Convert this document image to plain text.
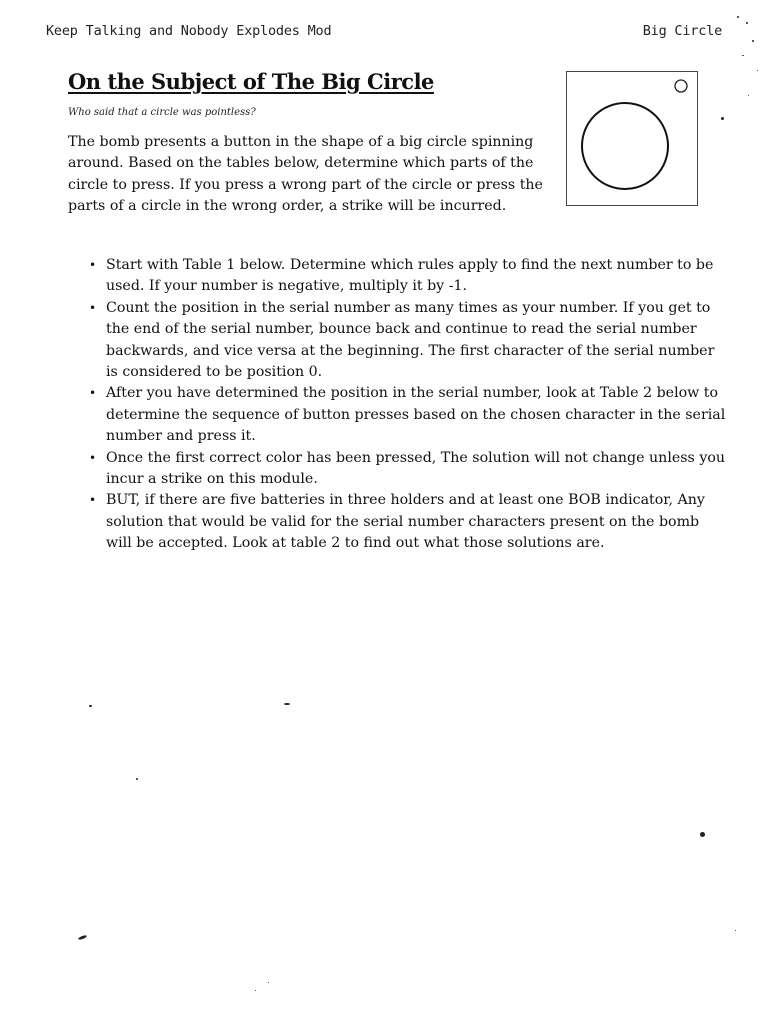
Keep Talking and Nobody Explodes Mod	Big Circle
On the Subject of The Big Circle
Who said that a circle was pointless?

The bomb presents a button in the shape of a big circle spinning around. Based on the tables below, determine which parts of the circle to press. If you press a wrong part of the circle or press the parts of a circle in the wrong order, a strike will be incurred.

• Start with Table 1 below. Determine which rules apply to find the next number to be used. If your number is negative, multiply it by -1.
• Count the position in the serial number as many times as your number. If you get to the end of the serial number, bounce back and continue to read the serial number backwards, and vice versa at the beginning. The first character of the serial number is considered to be position 0.
• After you have determined the position in the serial number, look at Table 2 below to determine the sequence of button presses based on the chosen character in the serial number and press it.
• Once the first correct color has been pressed, The solution will not change unless you incur a strike on this module.
• BUT, if there are five batteries in three holders and at least one BOB indicator, Any solution that would be valid for the serial number characters present on the bomb will be accepted. Look at table 2 to find out what those solutions are.
